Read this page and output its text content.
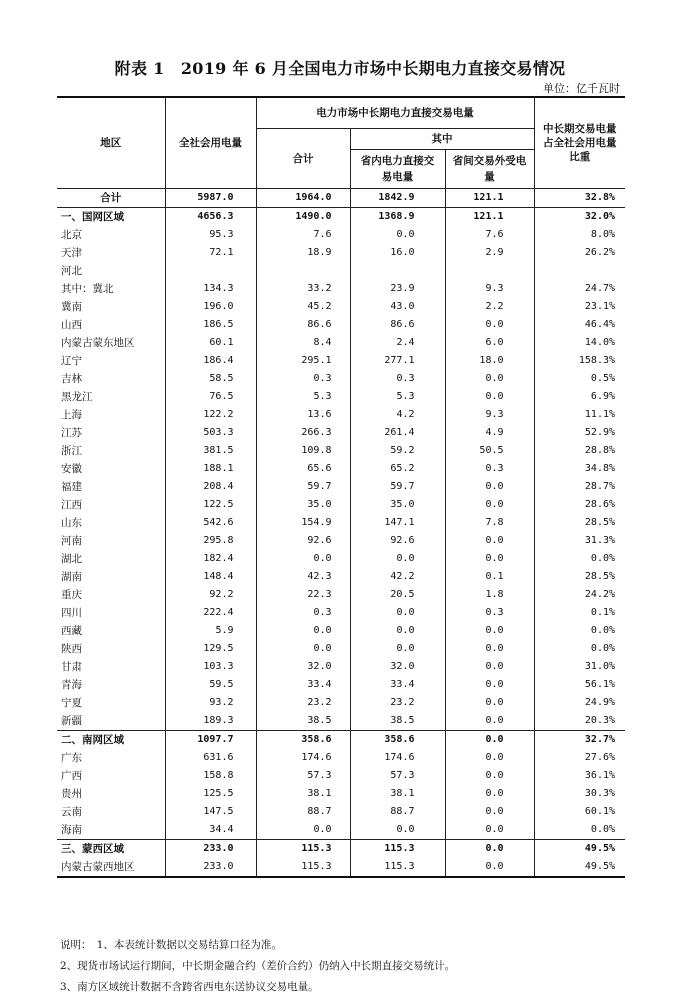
附表 1　2019 年 6 月全国电力市场中长期电力直接交易情况
单位：亿千瓦时
地区	全社会用电量	电力市场中长期电力直接交易电量			中长期交易电量占全社会用电量比重
		合计	其中		
			省内电力直接交易电量	省间交易外受电量	
合计	5987.0	1964.0	1842.9	121.1	32.8%
一、国网区域	4656.3	1490.0	1368.9	121.1	32.0%
北京	95.3	7.6	0.0	7.6	8.0%
天津	72.1	18.9	16.0	2.9	26.2%
河北					
其中：冀北	134.3	33.2	23.9	9.3	24.7%
冀南	196.0	45.2	43.0	2.2	23.1%
山西	186.5	86.6	86.6	0.0	46.4%
内蒙古蒙东地区	60.1	8.4	2.4	6.0	14.0%
辽宁	186.4	295.1	277.1	18.0	158.3%
吉林	58.5	0.3	0.3	0.0	0.5%
黑龙江	76.5	5.3	5.3	0.0	6.9%
上海	122.2	13.6	4.2	9.3	11.1%
江苏	503.3	266.3	261.4	4.9	52.9%
浙江	381.5	109.8	59.2	50.5	28.8%
安徽	188.1	65.6	65.2	0.3	34.8%
福建	208.4	59.7	59.7	0.0	28.7%
江西	122.5	35.0	35.0	0.0	28.6%
山东	542.6	154.9	147.1	7.8	28.5%
河南	295.8	92.6	92.6	0.0	31.3%
湖北	182.4	0.0	0.0	0.0	0.0%
湖南	148.4	42.3	42.2	0.1	28.5%
重庆	92.2	22.3	20.5	1.8	24.2%
四川	222.4	0.3	0.0	0.3	0.1%
西藏	5.9	0.0	0.0	0.0	0.0%
陕西	129.5	0.0	0.0	0.0	0.0%
甘肃	103.3	32.0	32.0	0.0	31.0%
青海	59.5	33.4	33.4	0.0	56.1%
宁夏	93.2	23.2	23.2	0.0	24.9%
新疆	189.3	38.5	38.5	0.0	20.3%
二、南网区域	1097.7	358.6	358.6	0.0	32.7%
广东	631.6	174.6	174.6	0.0	27.6%
广西	158.8	57.3	57.3	0.0	36.1%
贵州	125.5	38.1	38.1	0.0	30.3%
云南	147.5	88.7	88.7	0.0	60.1%
海南	34.4	0.0	0.0	0.0	0.0%
三、蒙西区域	233.0	115.3	115.3	0.0	49.5%
内蒙古蒙西地区	233.0	115.3	115.3	0.0	49.5%
说明：　1、本表统计数据以交易结算口径为准。
2、现货市场试运行期间，中长期金融合约（差价合约）仍纳入中长期直接交易统计。
3、南方区域统计数据不含跨省西电东送协议交易电量。
